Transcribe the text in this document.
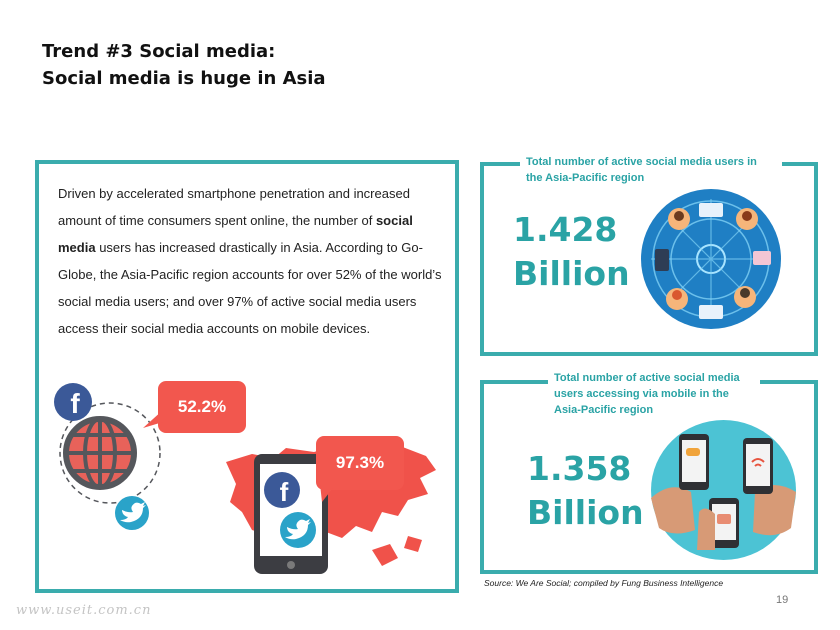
Trend #3 Social media:
Social media is huge in Asia
Driven by accelerated smartphone penetration and increased amount of time consumers spent online, the number of social media users has increased drastically in Asia. According to Go-Globe, the Asia-Pacific region accounts for over 52% of the world’s social media users; and over 97% of active social media users access their social media accounts on mobile devices.
f	52.2%
f
97.3%
Total number of active social media users in the Asia-Pacific region
1.428
Billion
Total number of active social media users accessing via mobile in the Asia-Pacific region
1.358
Billion
Source: We Are Social; compiled by Fung Business Intelligence
19
www.useit.com.cn
